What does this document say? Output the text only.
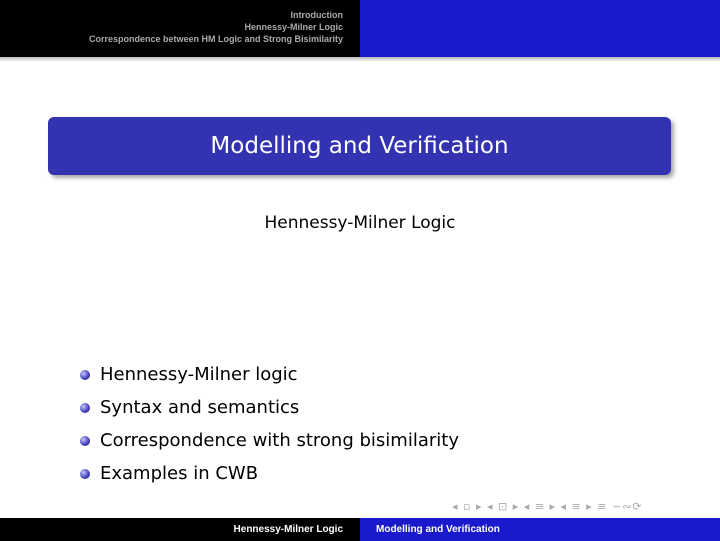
Introduction
Hennessy-Milner Logic
Correspondence between HM Logic and Strong Bisimilarity
Modelling and Verification
Hennessy-Milner Logic
Hennessy-Milner logic
Syntax and semantics
Correspondence with strong bisimilarity
Examples in CWB
◂ ▫ ▸ ◂ ⊡ ▸ ◂ ≡ ▸ ◂ ≡ ▸ ≡ ∽∾⟳
Hennessy-Milner Logic	Modelling and Verification
